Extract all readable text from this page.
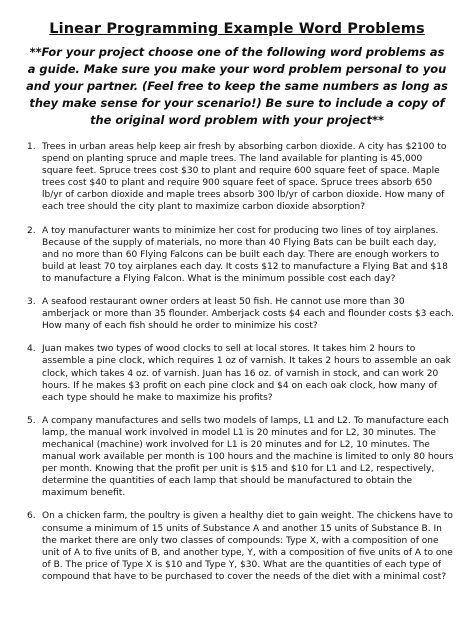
Linear Programming Example Word Problems
**For your project choose one of the following word problems as a guide. Make sure you make your word problem personal to you and your partner. (Feel free to keep the same numbers as long as they make sense for your scenario!) Be sure to include a copy of the original word problem with your project**
1. Trees in urban areas help keep air fresh by absorbing carbon dioxide. A city has $2100 to spend on planting spruce and maple trees. The land available for planting is 45,000 square feet. Spruce trees cost $30 to plant and require 600 square feet of space. Maple trees cost $40 to plant and require 900 square feet of space. Spruce trees absorb 650 lb/yr of carbon dioxide and maple trees absorb 300 lb/yr of carbon dioxide. How many of each tree should the city plant to maximize carbon dioxide absorption?
2. A toy manufacturer wants to minimize her cost for producing two lines of toy airplanes. Because of the supply of materials, no more than 40 Flying Bats can be built each day, and no more than 60 Flying Falcons can be built each day. There are enough workers to build at least 70 toy airplanes each day. It costs $12 to manufacture a Flying Bat and $18 to manufacture a Flying Falcon. What is the minimum possible cost each day?
3. A seafood restaurant owner orders at least 50 fish. He cannot use more than 30 amberjack or more than 35 flounder. Amberjack costs $4 each and flounder costs $3 each. How many of each fish should he order to minimize his cost?
4. Juan makes two types of wood clocks to sell at local stores. It takes him 2 hours to assemble a pine clock, which requires 1 oz of varnish. It takes 2 hours to assemble an oak clock, which takes 4 oz. of varnish. Juan has 16 oz. of varnish in stock, and can work 20 hours. If he makes $3 profit on each pine clock and $4 on each oak clock, how many of each type should he make to maximize his profits?
5. A company manufactures and sells two models of lamps, L1 and L2. To manufacture each lamp, the manual work involved in model L1 is 20 minutes and for L2, 30 minutes. The mechanical (machine) work involved for L1 is 20 minutes and for L2, 10 minutes. The manual work available per month is 100 hours and the machine is limited to only 80 hours per month. Knowing that the profit per unit is $15 and $10 for L1 and L2, respectively, determine the quantities of each lamp that should be manufactured to obtain the maximum benefit.
6. On a chicken farm, the poultry is given a healthy diet to gain weight. The chickens have to consume a minimum of 15 units of Substance A and another 15 units of Substance B. In the market there are only two classes of compounds: Type X, with a composition of one unit of A to five units of B, and another type, Y, with a composition of five units of A to one of B. The price of Type X is $10 and Type Y, $30. What are the quantities of each type of compound that have to be purchased to cover the needs of the diet with a minimal cost?
